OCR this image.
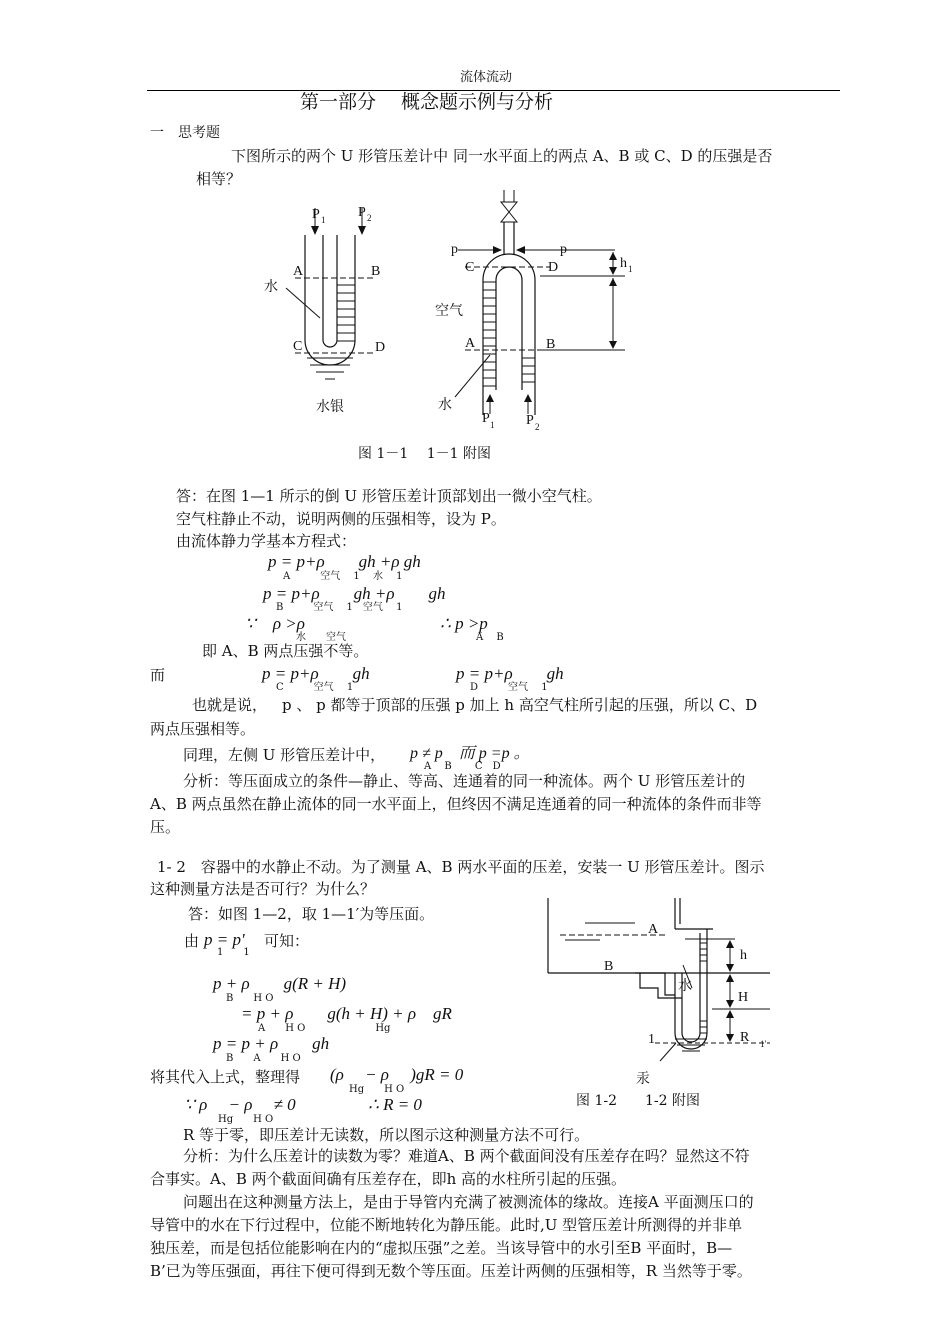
流体流动
第一部分　 概念题示例与分析
一　思考题
下图所示的两个 U 形管压差计中 同一水平面上的两点 A、B 或 C、D 的压强是否
相等？
P 1 P 2
A	B
C	D
水
水银
p	p
C	D
A	B
h 1
空气
水
P 1 P 2
图 1－1　 1－1 附图
答：在图 1—1 所示的倒 U 形管压差计顶部划出一微小空气柱。
空气柱静止不动，说明两侧的压强相等，设为 P。
由流体静力学基本方程式：
p = p+ρ　　gh +ρ gh
A　　　空气　 1　 水　 1
p = p+ρ　　gh +ρ　　gh
B　　　空气　 1　空气　 1
∵　ρ >ρ
水　　空气
∴ p >p
A　 B
即 A、B 两点压强不等。
而	p = p+ρ　　gh
C　　　空气　 1
p = p+ρ　　gh
D　　　空气　 1
也就是说， p 、 p 都等于顶部的压强 p 加上 h 高空气柱所引起的压强，所以 C、D
两点压强相等。
同理，左侧 U 形管压差计中， p ≠ p　而 p =p 。
A　 B　　 C　D
分析：等压面成立的条件—静止、等高、连通着的同一种流体。两个 U 形管压差计的
A、B 两点虽然在静止流体的同一水平面上，但终因不满足连通着的同一种流体的条件而非等
压。
1- 2　容器中的水静止不动。为了测量 A、B 两水平面的压差，安装一 U 形管压差计。图示
这种测量方法是否可行？为什么？
答：如图 1—2，取 1—1′为等压面。
由 p = p′
1　　1
可知：
p + ρ　　g(R + H)
B　　H O
= p + ρ　　g(h + H) + ρ　gR
A　　H O　　　　　　　Hg
p = p + ρ　　gh
B　　A　　H O
将其代入上式，整理得 (ρ　 − ρ　 )gR = 0
Hg　　H O
∵ ρ　 − ρ　 ≠ 0
Hg　　H O
∴ R = 0
R 等于零，即压差计无读数，所以图示这种测量方法不可行。
分析：为什么压差计的读数为零？难道A、B 两个截面间没有压差存在吗？显然这不符
合事实。A、B 两个截面间确有压差存在，即h 高的水柱所引起的压强。
问题出在这种测量方法上，是由于导管内充满了被测流体的缘故。连接A 平面测压口的
导管中的水在下行过程中，位能不断地转化为静压能。此时,U 型管压差计所测得的并非单
独压差，而是包括位能影响在内的“虚拟压强”之差。当该导管中的水引至B 平面时，B—
B’已为等压强面，再往下便可得到无数个等压面。压差计两侧的压强相等，R 当然等于零。
A
B
h
H
R
1	1'
水
汞
图 1-2　　1-2 附图
